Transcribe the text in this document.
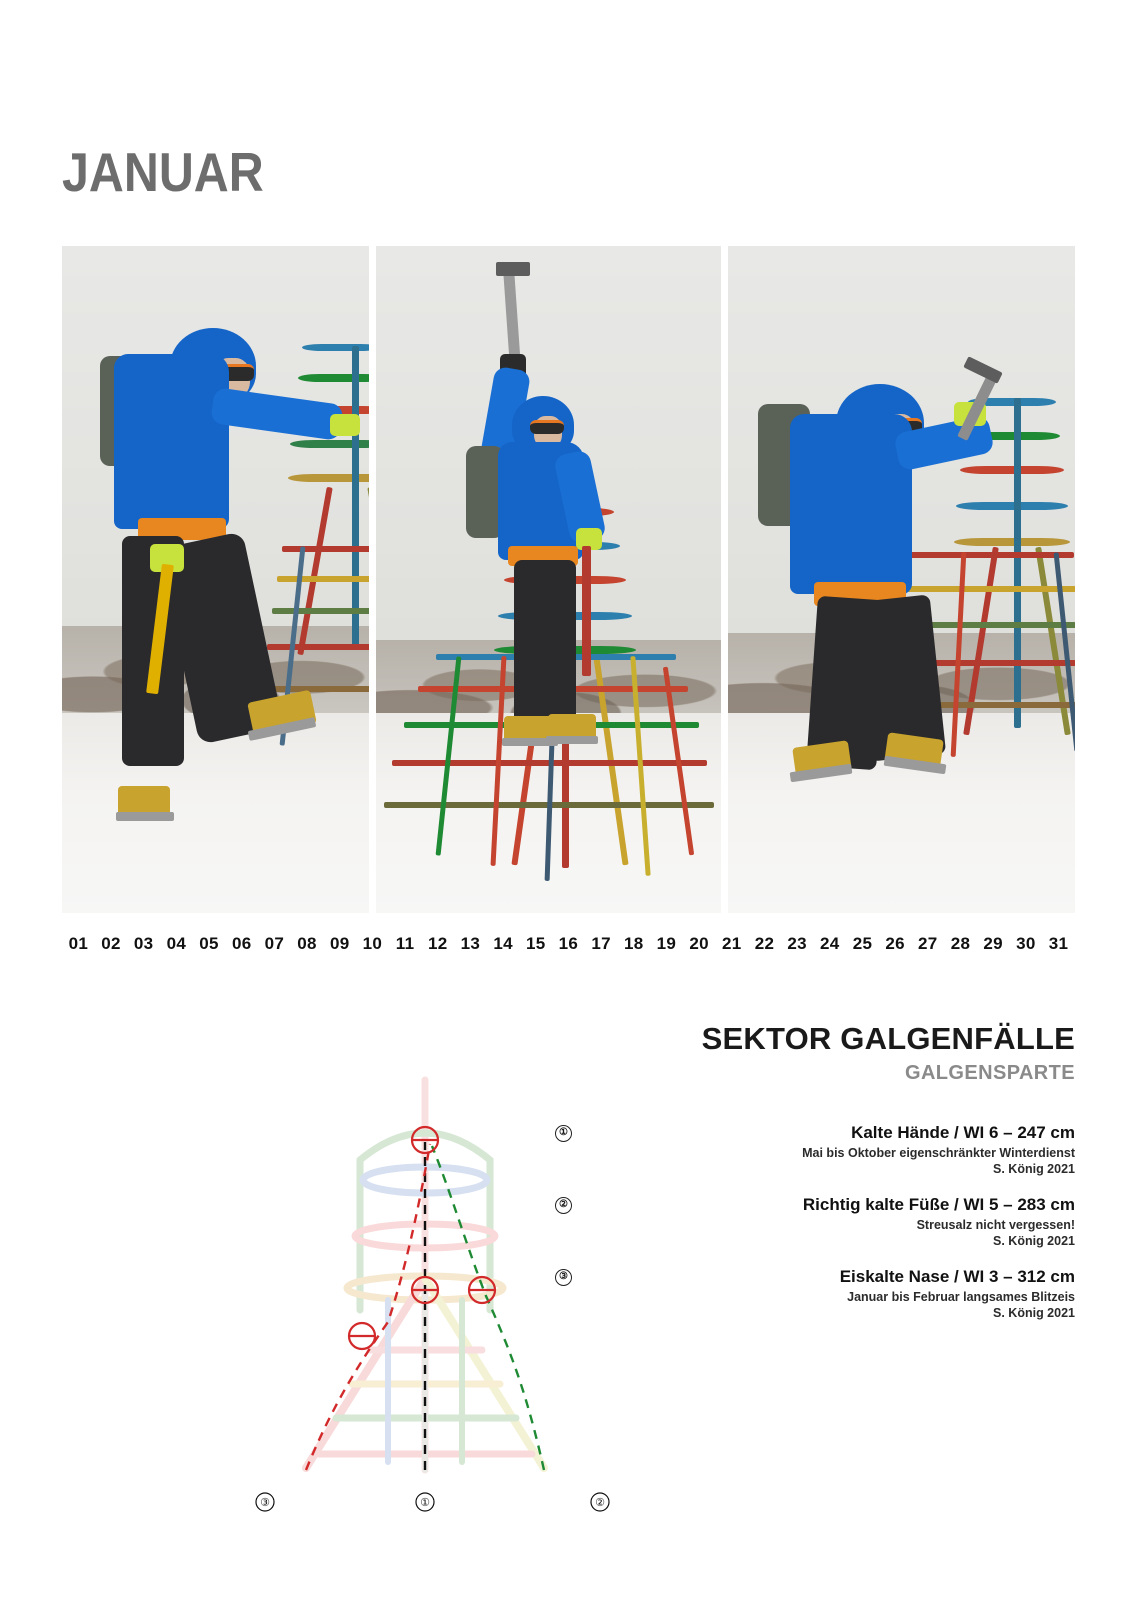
JANUAR
01 02 03 04 05 06 07 08 09 10 11 12 13 14 15 16 17 18 19 20 21 22 23 24 25 26 27 28 29 30 31
③	①	②
SEKTOR GALGENFÄLLE
GALGENSPARTE
①	Kalte Hände / WI 6 – 247 cm
Mai bis Oktober eigenschränkter Winterdienst
S. König 2021
②	Richtig kalte Füße / WI 5 – 283 cm
Streusalz nicht vergessen!
S. König 2021
③	Eiskalte Nase / WI 3 – 312 cm
Januar bis Februar langsames Blitzeis
S. König 2021
